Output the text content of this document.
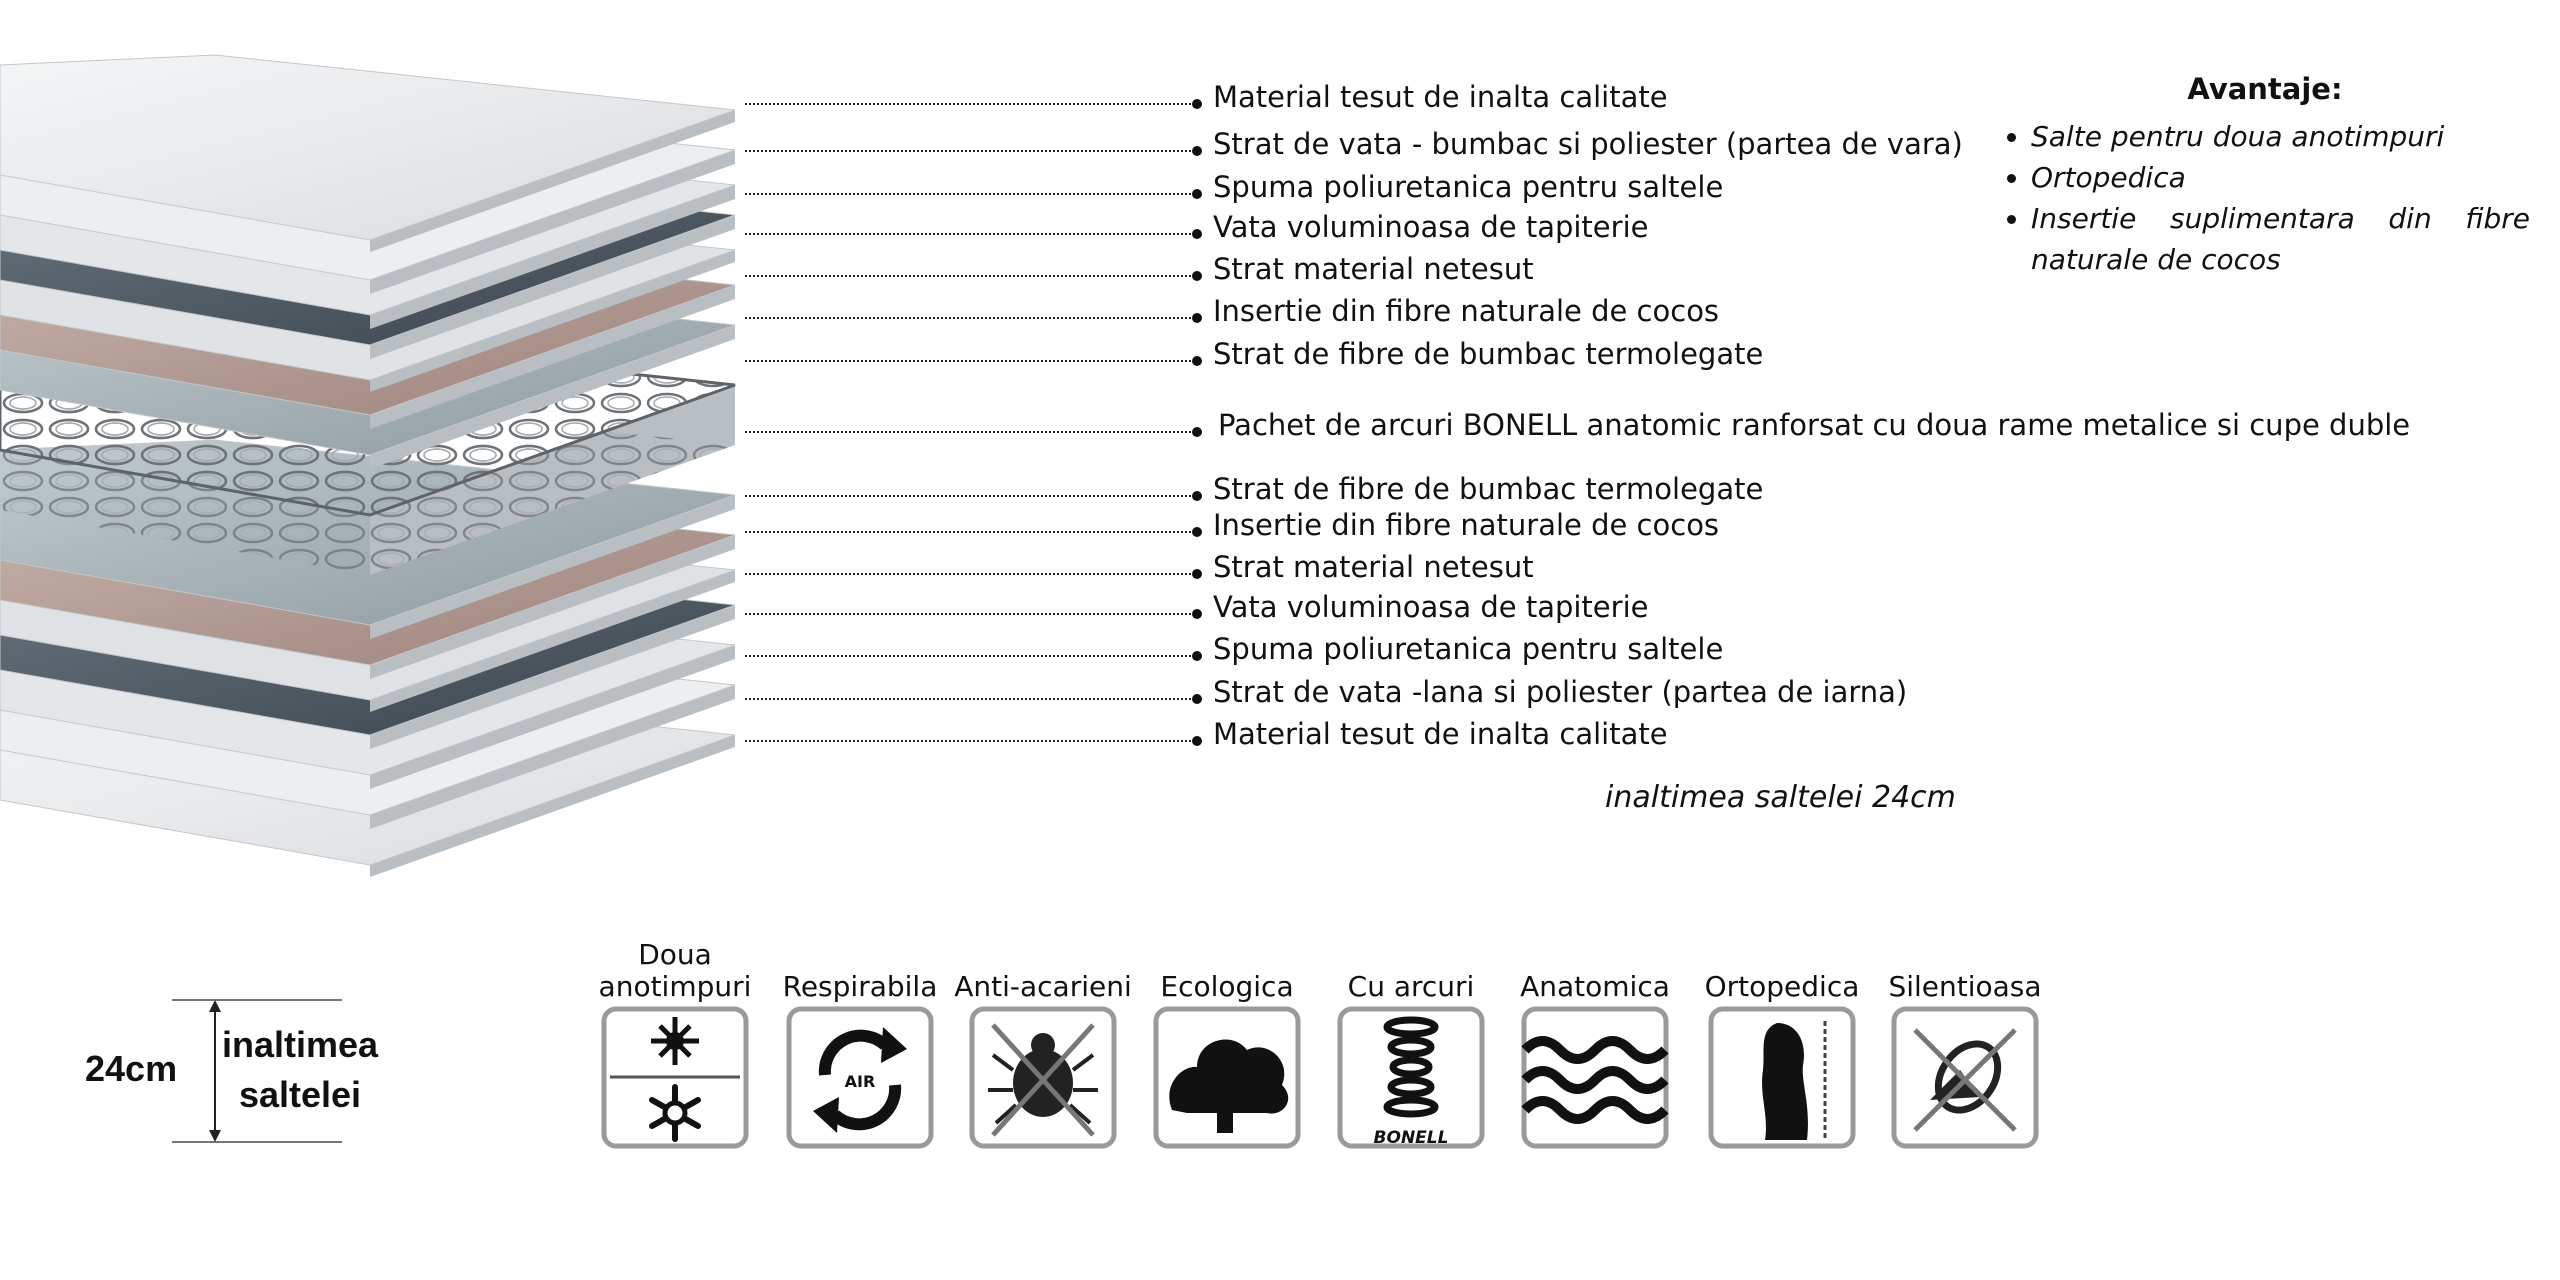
Material tesut de inalta calitate
Strat de vata - bumbac si poliester (partea de vara)
Spuma poliuretanica pentru saltele
Vata voluminoasa de tapiterie
Strat material netesut
Insertie din fibre naturale de cocos
Strat de fibre de bumbac termolegate
Pachet de arcuri BONELL anatomic ranforsat cu doua rame metalice si cupe duble
Strat de fibre de bumbac termolegate
Insertie din fibre naturale de cocos
Strat material netesut
Vata voluminoasa de tapiterie
Spuma poliuretanica pentru saltele
Strat de vata -lana si poliester (partea de iarna)
Material tesut de inalta calitate
Avantaje:
• Salte pentru doua anotimpuri
• Ortopedica
• Insertie suplimentara din fibre naturale de cocos
inaltimea saltelei 24cm
24cm
inaltimea saltelei
Doua anotimpuri	Respirabila
AIR
Anti-acarieni	Ecologica	Cu arcuri
BONELL
Anatomica	Ortopedica	Silentioasa
